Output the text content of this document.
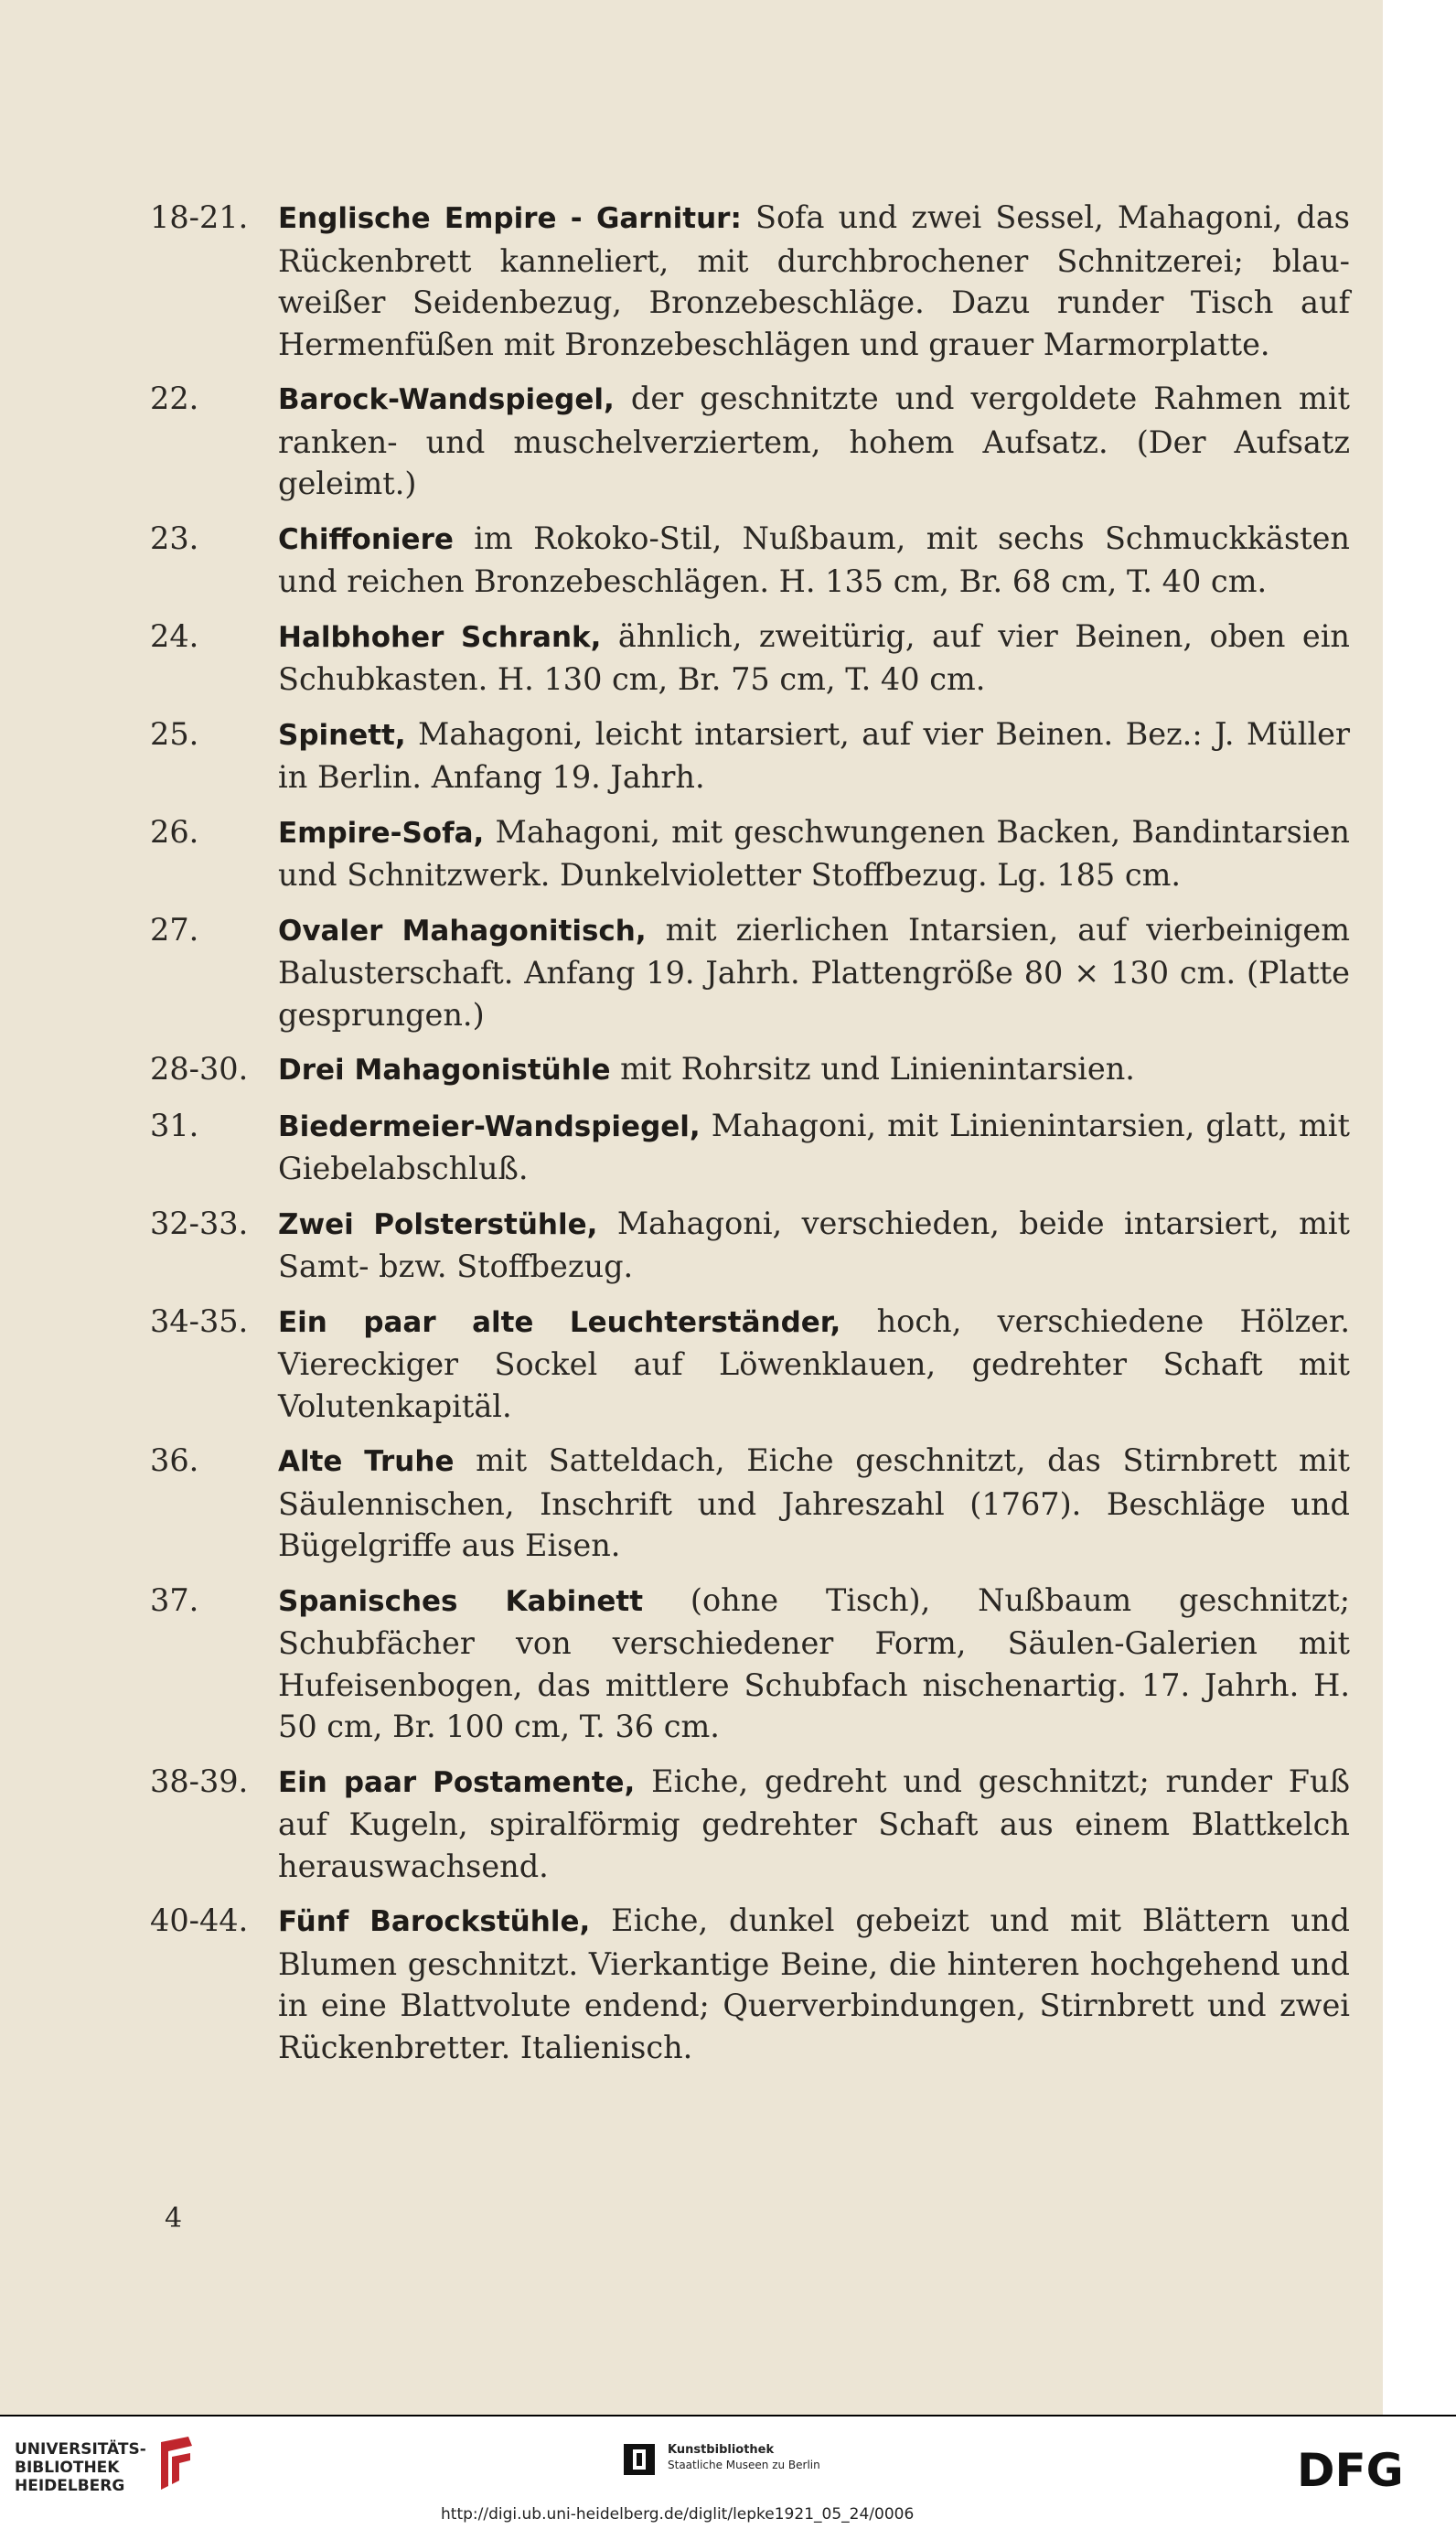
18-21.	Englische Empire - Garnitur: Sofa und zwei Sessel, Mahagoni, das Rückenbrett kanneliert, mit durchbrochener Schnitzerei; blau-weißer Seidenbezug, Bronzebeschläge. Dazu runder Tisch auf Hermenfüßen mit Bronzebeschlägen und grauer Marmorplatte.
22.	Barock-Wandspiegel, der geschnitzte und vergoldete Rahmen mit ranken- und muschelverziertem, hohem Aufsatz. (Der Aufsatz geleimt.)
23.	Chiffoniere im Rokoko-Stil, Nußbaum, mit sechs Schmuckkästen und reichen Bronzebeschlägen. H. 135 cm, Br. 68 cm, T. 40 cm.
24.	Halbhoher Schrank, ähnlich, zweitürig, auf vier Beinen, oben ein Schubkasten. H. 130 cm, Br. 75 cm, T. 40 cm.
25.	Spinett, Mahagoni, leicht intarsiert, auf vier Beinen. Bez.: J. Müller in Berlin. Anfang 19. Jahrh.
26.	Empire-Sofa, Mahagoni, mit geschwungenen Backen, Bandintarsien und Schnitzwerk. Dunkelvioletter Stoffbezug. Lg. 185 cm.
27.	Ovaler Mahagonitisch, mit zierlichen Intarsien, auf vierbeinigem Balusterschaft. Anfang 19. Jahrh. Plattengröße 80 × 130 cm. (Platte gesprungen.)
28-30.	Drei Mahagonistühle mit Rohrsitz und Linienintarsien.
31.	Biedermeier-Wandspiegel, Mahagoni, mit Linienintarsien, glatt, mit Giebelabschluß.
32-33.	Zwei Polsterstühle, Mahagoni, verschieden, beide intarsiert, mit Samt- bzw. Stoffbezug.
34-35.	Ein paar alte Leuchterständer, hoch, verschiedene Hölzer. Viereckiger Sockel auf Löwenklauen, gedrehter Schaft mit Volutenkapitäl.
36.	Alte Truhe mit Satteldach, Eiche geschnitzt, das Stirnbrett mit Säulennischen, Inschrift und Jahreszahl (1767). Beschläge und Bügelgriffe aus Eisen.
37.	Spanisches Kabinett (ohne Tisch), Nußbaum geschnitzt; Schubfächer von verschiedener Form, Säulen-Galerien mit Hufeisenbogen, das mittlere Schubfach nischenartig. 17. Jahrh. H. 50 cm, Br. 100 cm, T. 36 cm.
38-39.	Ein paar Postamente, Eiche, gedreht und geschnitzt; runder Fuß auf Kugeln, spiralförmig gedrehter Schaft aus einem Blattkelch herauswachsend.
40-44.	Fünf Barockstühle, Eiche, dunkel gebeizt und mit Blättern und Blumen geschnitzt. Vierkantige Beine, die hinteren hochgehend und in eine Blattvolute endend; Querverbindungen, Stirnbrett und zwei Rückenbretter. Italienisch.
4
UNIVERSITÄTS-
BIBLIOTHEK
HEIDELBERG
Kunstbibliothek
Staatliche Museen zu Berlin	DFG
http://digi.ub.uni-heidelberg.de/diglit/lepke1921_05_24/0006
